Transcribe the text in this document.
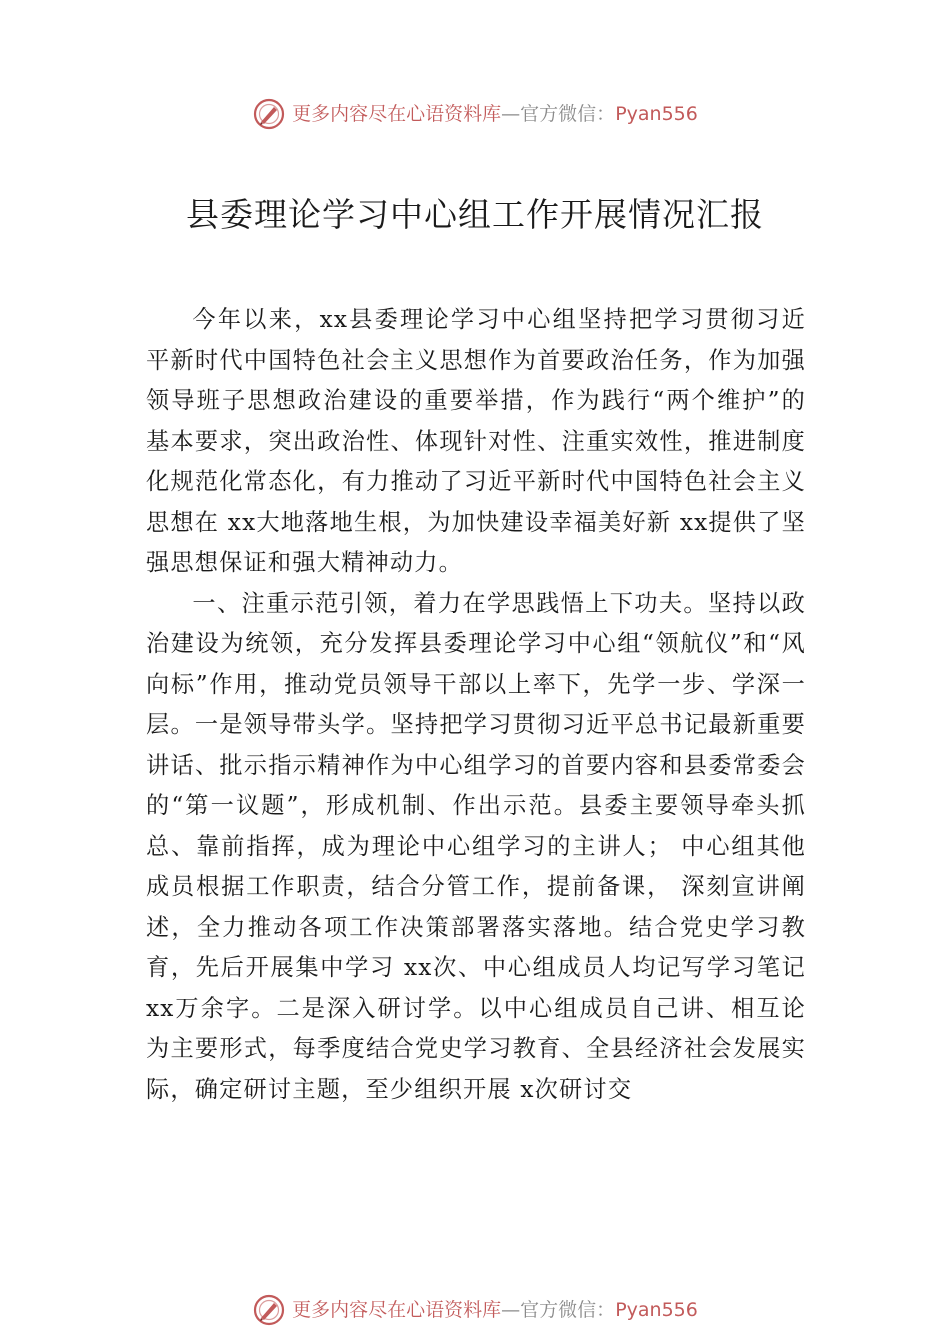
更多内容尽在心语资料库—官方微信：Pyan556
县委理论学习中心组工作开展情况汇报

今年以来，xx县委理论学习中心组坚持把学习贯彻习近平新时代中国特色社会主义思想作为首要政治任务，作为加强领导班子思想政治建设的重要举措，作为践行“两个维护”的基本要求，突出政治性、体现针对性、注重实效性，推进制度化规范化常态化，有力推动了习近平新时代中国特色社会主义思想在 xx大地落地生根，为加快建设幸福美好新 xx提供了坚强思想保证和强大精神动力。

一、注重示范引领，着力在学思践悟上下功夫。坚持以政治建设为统领，充分发挥县委理论学习中心组“领航仪”和“风向标”作用，推动党员领导干部以上率下，先学一步、学深一层。一是领导带头学。坚持把学习贯彻习近平总书记最新重要讲话、批示指示精神作为中心组学习的首要内容和县委常委会的“第一议题”，形成机制、作出示范。县委主要领导牵头抓总、靠前指挥，成为理论中心组学习的主讲人； 中心组其他成员根据工作职责，结合分管工作，提前备课， 深刻宣讲阐述，全力推动各项工作决策部署落实落地。结合党史学习教育，先后开展集中学习 xx次、中心组成员人均记写学习笔记 xx万余字。二是深入研讨学。以中心组成员自己讲、相互论为主要形式，每季度结合党史学习教育、全县经济社会发展实际，确定研讨主题，至少组织开展 x次研讨交

更多内容尽在心语资料库—官方微信：Pyan556
